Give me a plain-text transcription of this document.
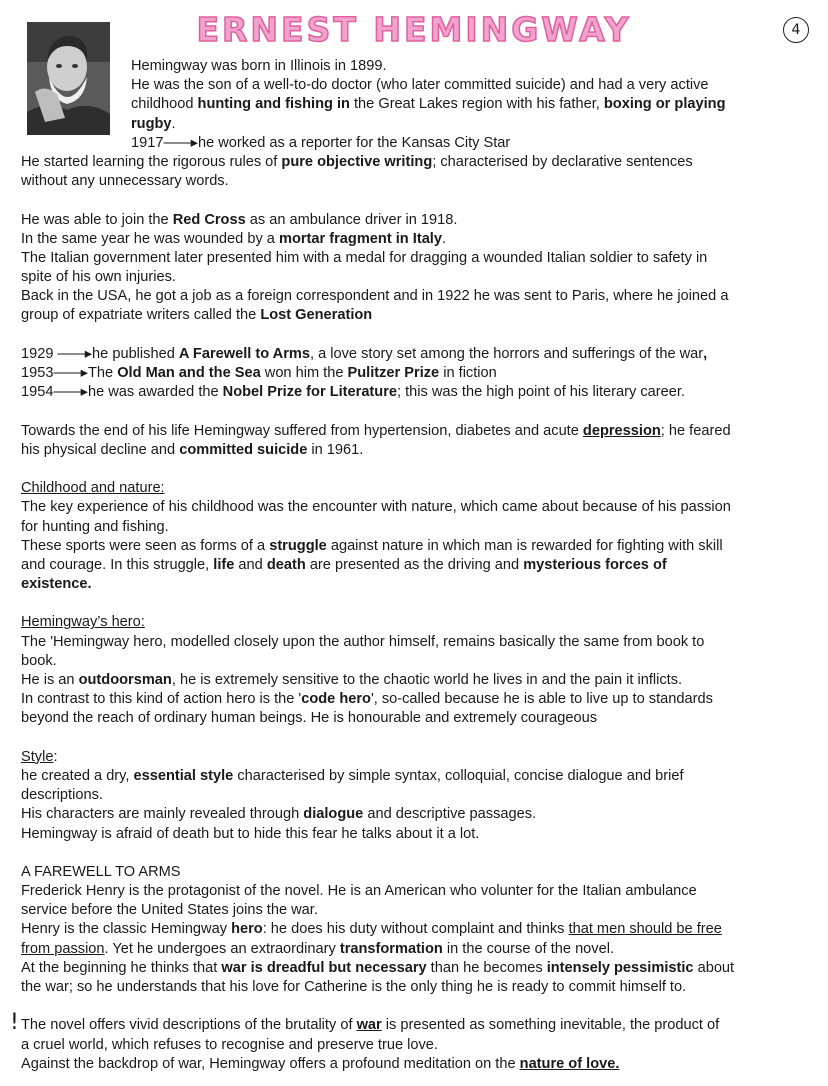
ERNEST HEMINGWAY	4
Hemingway was born in Illinois in 1899.
He was the son of a well-to-do doctor (who later committed suicide) and had a very active
childhood hunting and fishing in the Great Lakes region with his father, boxing or playing
rugby.
1917——▸he worked as a reporter for the Kansas City Star
He started learning the rigorous rules of pure objective writing; characterised by declarative sentences
without any unnecessary words.
He was able to join the Red Cross as an ambulance driver in 1918.
In the same year he was wounded by a mortar fragment in Italy.
The Italian government later presented him with a medal for dragging a wounded Italian soldier to safety in
spite of his own injuries.
Back in the USA, he got a job as a foreign correspondent and in 1922 he was sent to Paris, where he joined a
group of expatriate writers called the Lost Generation
1929 ——▸he published A Farewell to Arms, a love story set among the horrors and sufferings of the war,
1953——▸The Old Man and the Sea won him the Pulitzer Prize in fiction
1954——▸he was awarded the Nobel Prize for Literature; this was the high point of his literary career.
Towards the end of his life Hemingway suffered from hypertension, diabetes and acute depression; he feared
his physical decline and committed suicide in 1961.
Childhood and nature:
The key experience of his childhood was the encounter with nature, which came about because of his passion
for hunting and fishing.
These sports were seen as forms of a struggle against nature in which man is rewarded for fighting with skill
and courage. In this struggle, life and death are presented as the driving and mysterious forces of
existence.
Hemingway’s hero:
The 'Hemingway hero, modelled closely upon the author himself, remains basically the same from book to
book.
He is an outdoorsman, he is extremely sensitive to the chaotic world he lives in and the pain it inflicts.
In contrast to this kind of action hero is the 'code hero', so-called because he is able to live up to standards
beyond the reach of ordinary human beings. He is honourable and extremely courageous
Style:
he created a dry, essential style characterised by simple syntax, colloquial, concise dialogue and brief
descriptions.
His characters are mainly revealed through dialogue and descriptive passages.
Hemingway is afraid of death but to hide this fear he talks about it a lot.
A FAREWELL TO ARMS
Frederick Henry is the protagonist of the novel. He is an American who volunter for the Italian ambulance
service before the United States joins the war.
Henry is the classic Hemingway hero: he does his duty without complaint and thinks that men should be free
from passion. Yet he undergoes an extraordinary transformation in the course of the novel.
At the beginning he thinks that war is dreadful but necessary than he becomes intensely pessimistic about
the war; so he understands that his love for Catherine is the only thing he is ready to commit himself to.
The novel offers vivid descriptions of the brutality of war is presented as something inevitable, the product of
a cruel world, which refuses to recognise and preserve true love.
Against the backdrop of war, Hemingway offers a profound meditation on the nature of love.
!
